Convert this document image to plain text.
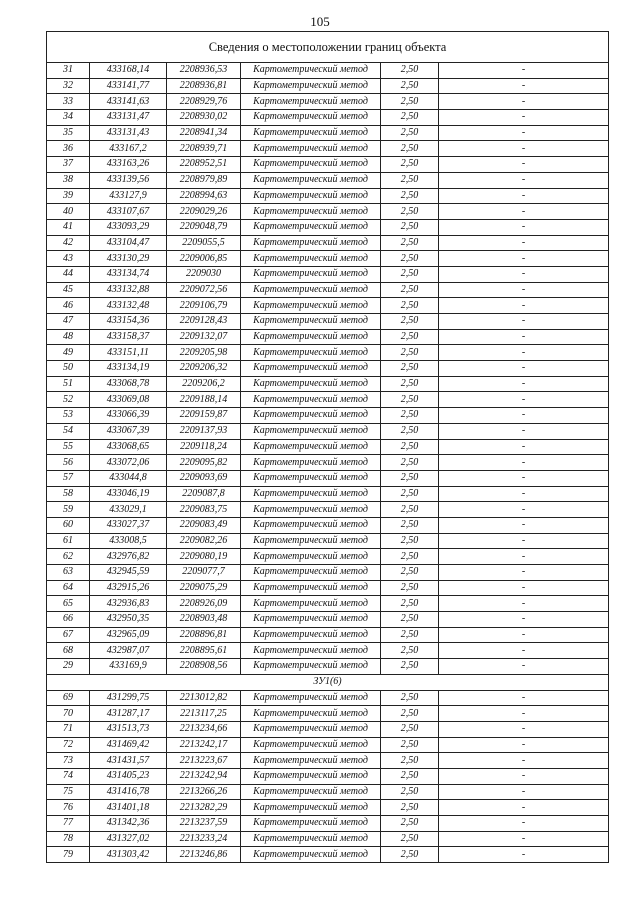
105
Сведения о местоположении границ объекта					
31	433168,14	2208936,53	Картометрический метод	2,50	-
32	433141,77	2208936,81	Картометрический метод	2,50	-
33	433141,63	2208929,76	Картометрический метод	2,50	-
34	433131,47	2208930,02	Картометрический метод	2,50	-
35	433131,43	2208941,34	Картометрический метод	2,50	-
36	433167,2	2208939,71	Картометрический метод	2,50	-
37	433163,26	2208952,51	Картометрический метод	2,50	-
38	433139,56	2208979,89	Картометрический метод	2,50	-
39	433127,9	2208994,63	Картометрический метод	2,50	-
40	433107,67	2209029,26	Картометрический метод	2,50	-
41	433093,29	2209048,79	Картометрический метод	2,50	-
42	433104,47	2209055,5	Картометрический метод	2,50	-
43	433130,29	2209006,85	Картометрический метод	2,50	-
44	433134,74	2209030	Картометрический метод	2,50	-
45	433132,88	2209072,56	Картометрический метод	2,50	-
46	433132,48	2209106,79	Картометрический метод	2,50	-
47	433154,36	2209128,43	Картометрический метод	2,50	-
48	433158,37	2209132,07	Картометрический метод	2,50	-
49	433151,11	2209205,98	Картометрический метод	2,50	-
50	433134,19	2209206,32	Картометрический метод	2,50	-
51	433068,78	2209206,2	Картометрический метод	2,50	-
52	433069,08	2209188,14	Картометрический метод	2,50	-
53	433066,39	2209159,87	Картометрический метод	2,50	-
54	433067,39	2209137,93	Картометрический метод	2,50	-
55	433068,65	2209118,24	Картометрический метод	2,50	-
56	433072,06	2209095,82	Картометрический метод	2,50	-
57	433044,8	2209093,69	Картометрический метод	2,50	-
58	433046,19	2209087,8	Картометрический метод	2,50	-
59	433029,1	2209083,75	Картометрический метод	2,50	-
60	433027,37	2209083,49	Картометрический метод	2,50	-
61	433008,5	2209082,26	Картометрический метод	2,50	-
62	432976,82	2209080,19	Картометрический метод	2,50	-
63	432945,59	2209077,7	Картометрический метод	2,50	-
64	432915,26	2209075,29	Картометрический метод	2,50	-
65	432936,83	2208926,09	Картометрический метод	2,50	-
66	432950,35	2208903,48	Картометрический метод	2,50	-
67	432965,09	2208896,81	Картометрический метод	2,50	-
68	432987,07	2208895,61	Картометрический метод	2,50	-
29	433169,9	2208908,56	Картометрический метод	2,50	-
ЗУ1(6)					
69	431299,75	2213012,82	Картометрический метод	2,50	-
70	431287,17	2213117,25	Картометрический метод	2,50	-
71	431513,73	2213234,66	Картометрический метод	2,50	-
72	431469,42	2213242,17	Картометрический метод	2,50	-
73	431431,57	2213223,67	Картометрический метод	2,50	-
74	431405,23	2213242,94	Картометрический метод	2,50	-
75	431416,78	2213266,26	Картометрический метод	2,50	-
76	431401,18	2213282,29	Картометрический метод	2,50	-
77	431342,36	2213237,59	Картометрический метод	2,50	-
78	431327,02	2213233,24	Картометрический метод	2,50	-
79	431303,42	2213246,86	Картометрический метод	2,50	-
